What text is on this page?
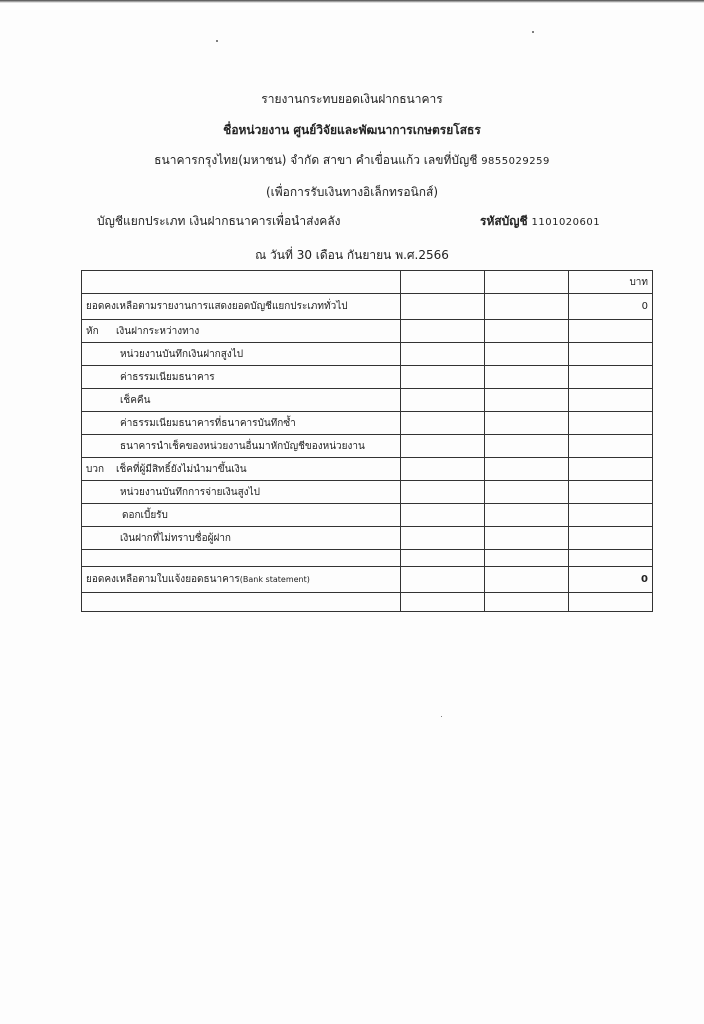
รายงานกระทบยอดเงินฝากธนาคาร
ชื่อหน่วยงาน ศูนย์วิจัยและพัฒนาการเกษตรยโสธร
ธนาคารกรุงไทย(มหาชน) จำกัด สาขา คำเขื่อนแก้ว เลขที่บัญชี 9855029259
(เพื่อการรับเงินทางอิเล็กทรอนิกส์)
บัญชีแยกประเภท เงินฝากธนาคารเพื่อนำส่งคลัง	รหัสบัญชี 1101020601
ณ วันที่ 30 เดือน กันยายน พ.ศ.2566
			บาท
ยอดคงเหลือตามรายงานการแสดงยอดบัญชีแยกประเภททั่วไป			0
หัก เงินฝากระหว่างทาง			
หน่วยงานบันทึกเงินฝากสูงไป			
ค่าธรรมเนียมธนาคาร			
เช็คคืน			
ค่าธรรมเนียมธนาคารที่ธนาคารบันทึกซ้ำ			
ธนาคารนำเช็คของหน่วยงานอื่นมาหักบัญชีของหน่วยงาน			
บวก เช็คที่ผู้มีสิทธิ์ยังไม่นำมาขึ้นเงิน			
หน่วยงานบันทึกการจ่ายเงินสูงไป			
ดอกเบี้ยรับ			
เงินฝากที่ไม่ทราบชื่อผู้ฝาก			

ยอดคงเหลือตามใบแจ้งยอดธนาคาร(Bank statement)			0
